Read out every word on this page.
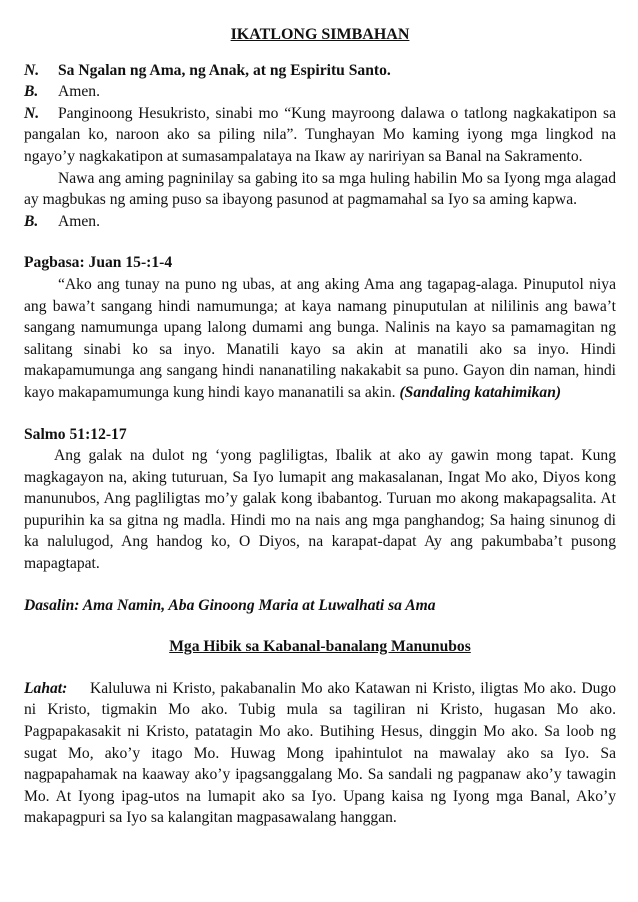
IKATLONG SIMBAHAN

N. Sa Ngalan ng Ama, ng Anak, at ng Espiritu Santo.

B. Amen.

N. Panginoong Hesukristo, sinabi mo “Kung mayroong dalawa o tatlong nagkakatipon sa pangalan ko, naroon ako sa piling nila”. Tunghayan Mo kaming iyong mga lingkod na ngayo’y nagkakatipon at sumasampalataya na Ikaw ay naririyan sa Banal na Sakramento.

Nawa ang aming pagninilay sa gabing ito sa mga huling habilin Mo sa Iyong mga alagad ay magbukas ng aming puso sa ibayong pasunod at pagmamahal sa Iyo sa aming kapwa.

B. Amen.

Pagbasa: Juan 15-:1-4

“Ako ang tunay na puno ng ubas, at ang aking Ama ang tagapag-alaga. Pinuputol niya ang bawa’t sangang hindi namumunga; at kaya namang pinuputulan at nililinis ang bawa’t sangang namumunga upang lalong dumami ang bunga. Nalinis na kayo sa pamamagitan ng salitang sinabi ko sa inyo. Manatili kayo sa akin at manatili ako sa inyo. Hindi makapamumunga ang sangang hindi nananatiling nakakabit sa puno. Gayon din naman, hindi kayo makapamumunga kung hindi kayo mananatili sa akin. (Sandaling katahimikan)

Salmo 51:12-17

Ang galak na dulot ng ‘yong pagliligtas, Ibalik at ako ay gawin mong tapat. Kung magkagayon na, aking tuturuan, Sa Iyo lumapit ang makasalanan, Ingat Mo ako, Diyos kong manunubos, Ang pagliligtas mo’y galak kong ibabantog. Turuan mo akong makapagsalita. At pupurihin ka sa gitna ng madla. Hindi mo na nais ang mga panghandog; Sa haing sinunog di ka nalulugod, Ang handog ko, O Diyos, na karapat-dapat Ay ang pakumbaba’t pusong mapagtapat.

Dasalin: Ama Namin, Aba Ginoong Maria at Luwalhati sa Ama

Mga Hibik sa Kabanal-banalang Manunubos

Lahat: Kaluluwa ni Kristo, pakabanalin Mo ako Katawan ni Kristo, iligtas Mo ako. Dugo ni Kristo, tigmakin Mo ako. Tubig mula sa tagiliran ni Kristo, hugasan Mo ako. Pagpapakasakit ni Kristo, patatagin Mo ako. Butihing Hesus, dinggin Mo ako. Sa loob ng sugat Mo, ako’y itago Mo. Huwag Mong ipahintulot na mawalay ako sa Iyo. Sa nagpapahamak na kaaway ako’y ipagsanggalang Mo. Sa sandali ng pagpanaw ako’y tawagin Mo. At Iyong ipag-utos na lumapit ako sa Iyo. Upang kaisa ng Iyong mga Banal, Ako’y makapagpuri sa Iyo sa kalangitan magpasawalang hanggan.
